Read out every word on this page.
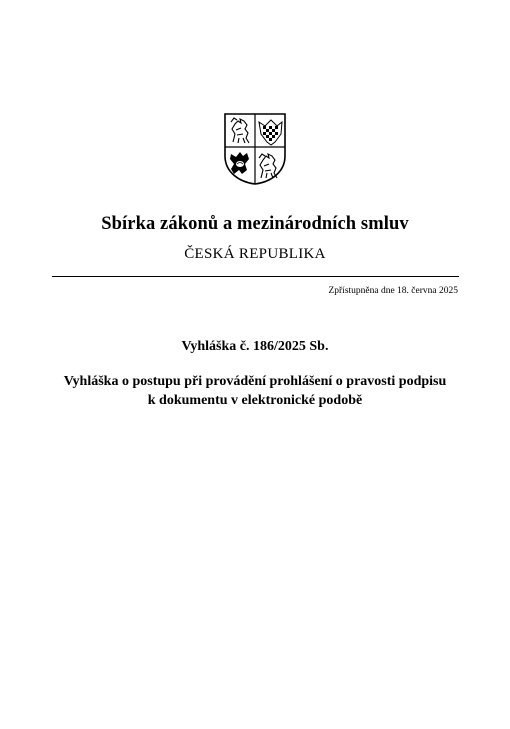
Sbírka zákonů a mezinárodních smluv
ČESKÁ REPUBLIKA
Zpřístupněna dne 18. června 2025
Vyhláška č. 186/2025 Sb.
Vyhláška o postupu při provádění prohlášení o pravosti podpisu k dokumentu v elektronické podobě
